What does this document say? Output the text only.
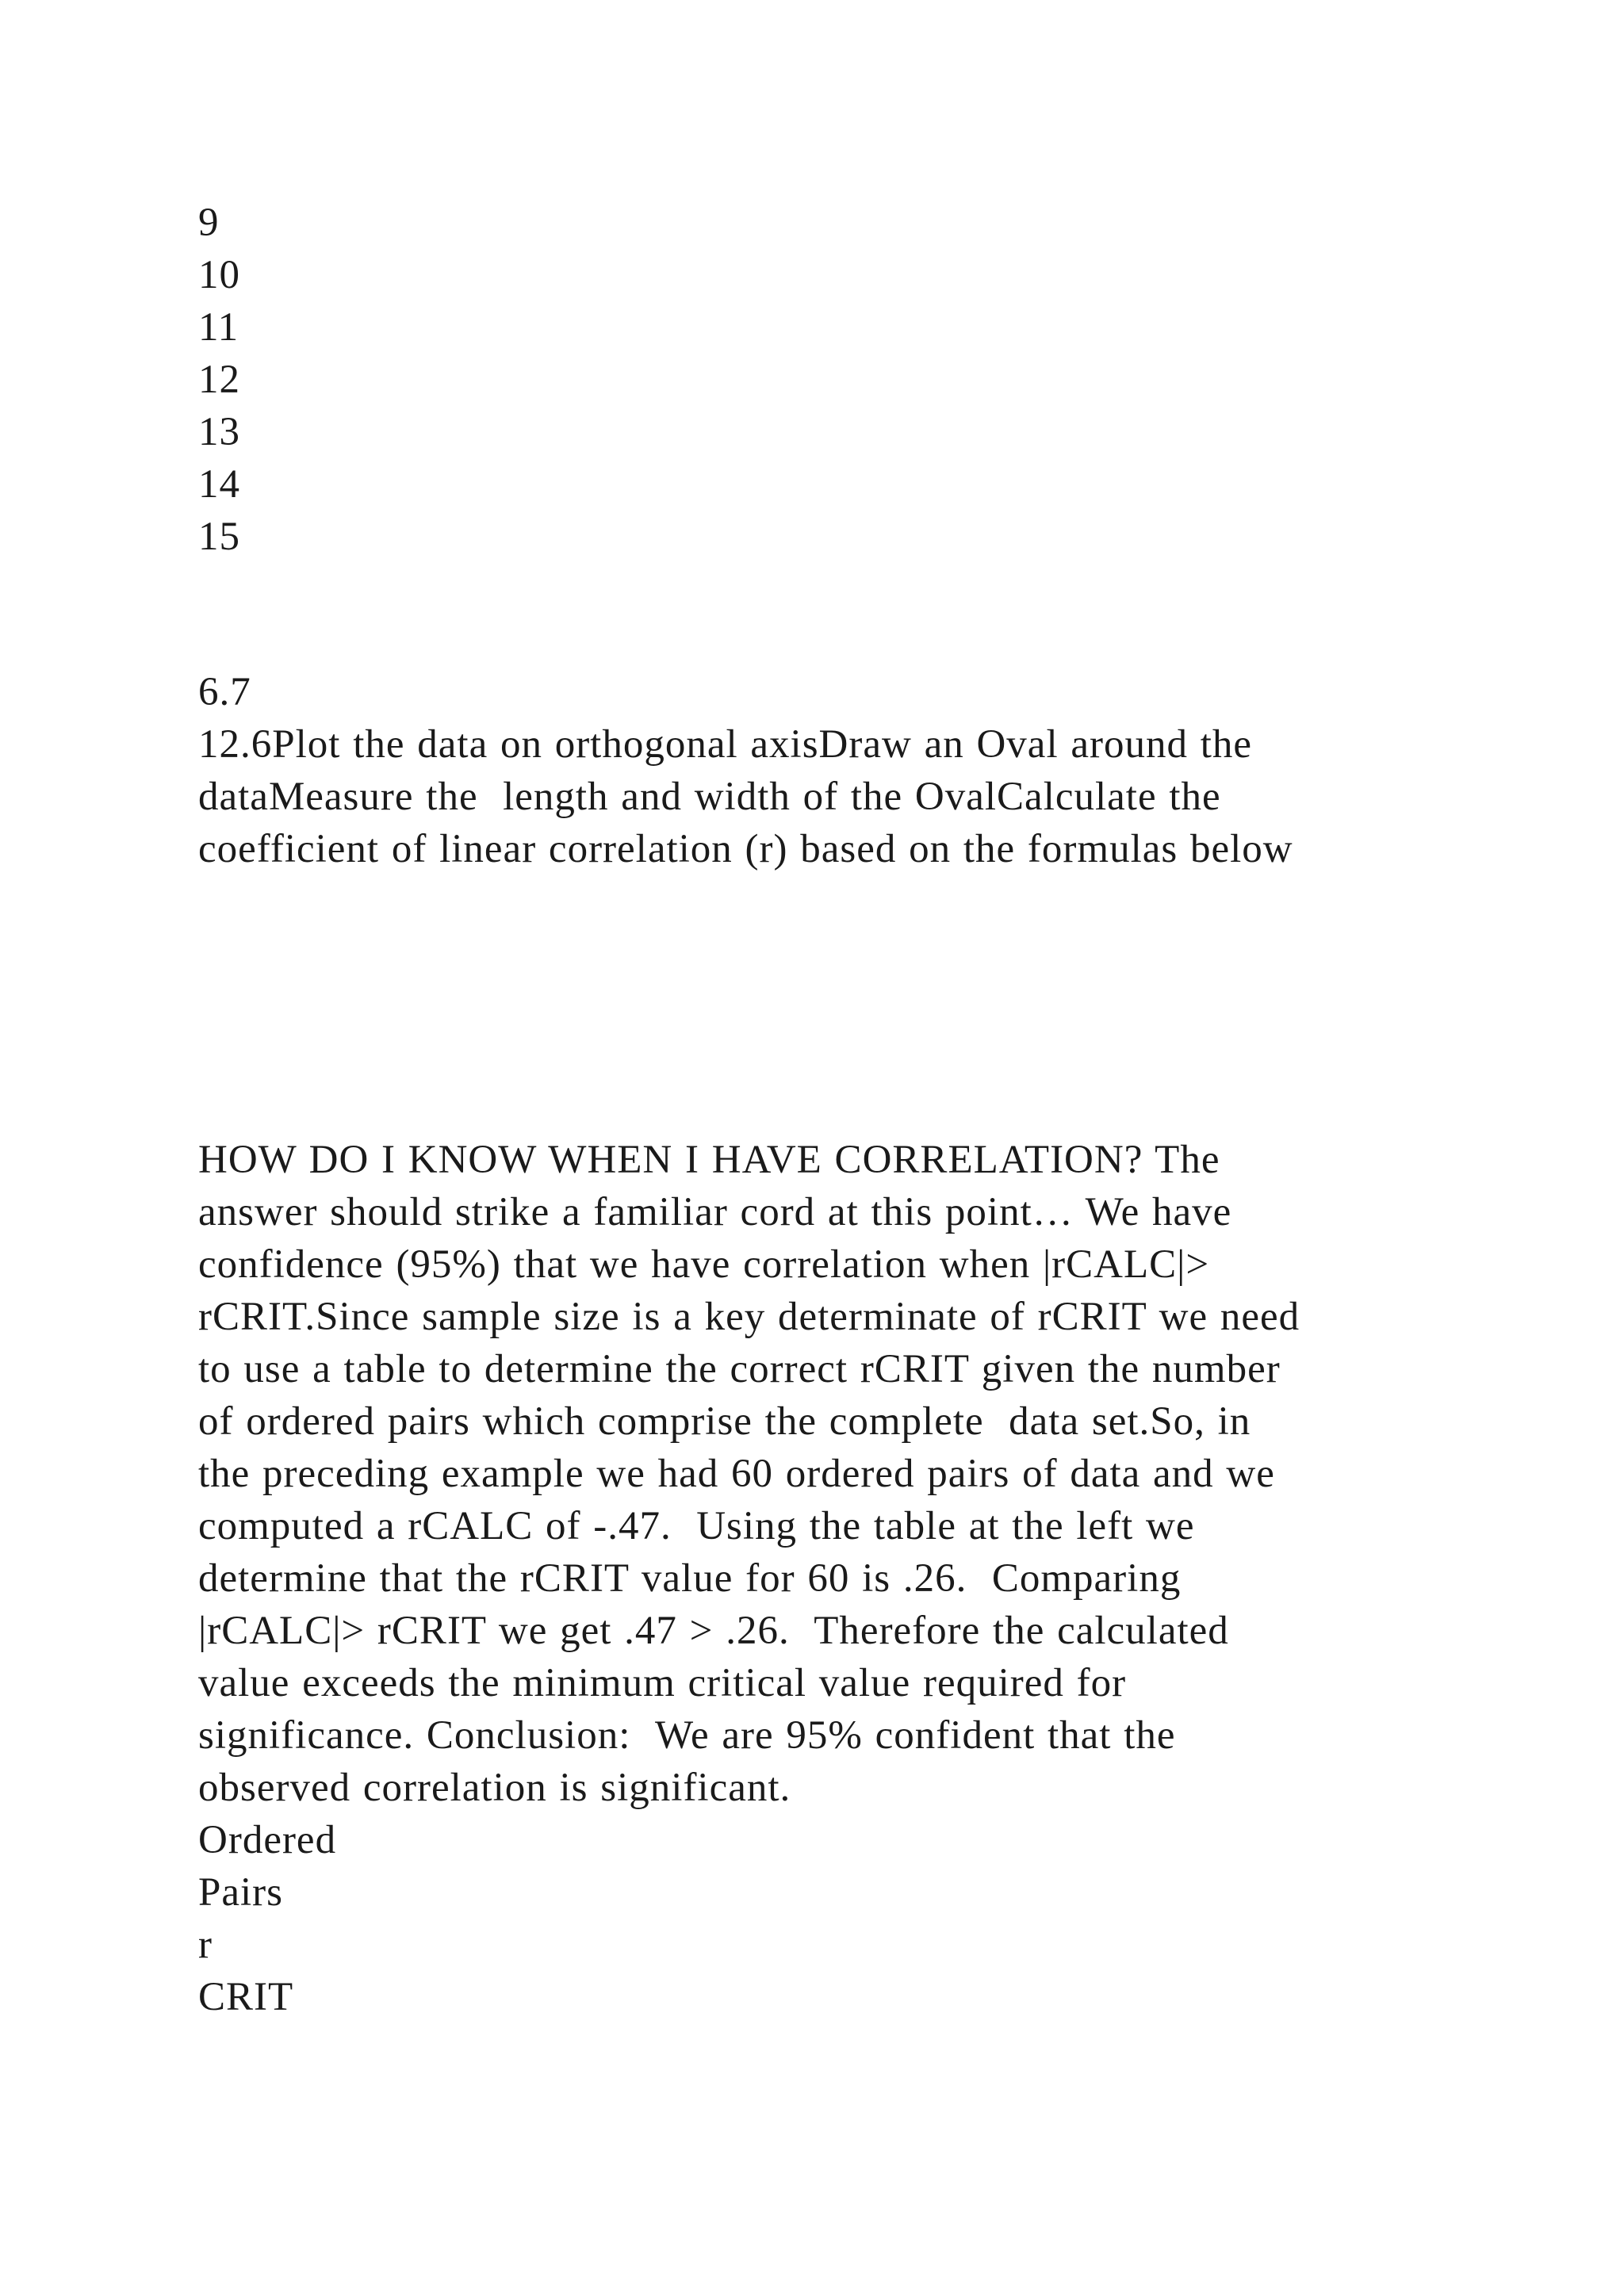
9
10
11
12
13
14
15
6.7
12.6Plot the data on orthogonal axisDraw an Oval around the
dataMeasure the  length and width of the OvalCalculate the
coefficient of linear correlation (r) based on the formulas below
HOW DO I KNOW WHEN I HAVE CORRELATION? The
answer should strike a familiar cord at this point… We have
confidence (95%) that we have correlation when |rCALC|>
rCRIT.Since sample size is a key determinate of rCRIT we need
to use a table to determine the correct rCRIT given the number
of ordered pairs which comprise the complete  data set.So, in
the preceding example we had 60 ordered pairs of data and we
computed a rCALC of -.47.  Using the table at the left we
determine that the rCRIT value for 60 is .26.  Comparing
|rCALC|> rCRIT we get .47 > .26.  Therefore the calculated
value exceeds the minimum critical value required for
significance. Conclusion:  We are 95% confident that the
observed correlation is significant.
Ordered
Pairs
r
CRIT
